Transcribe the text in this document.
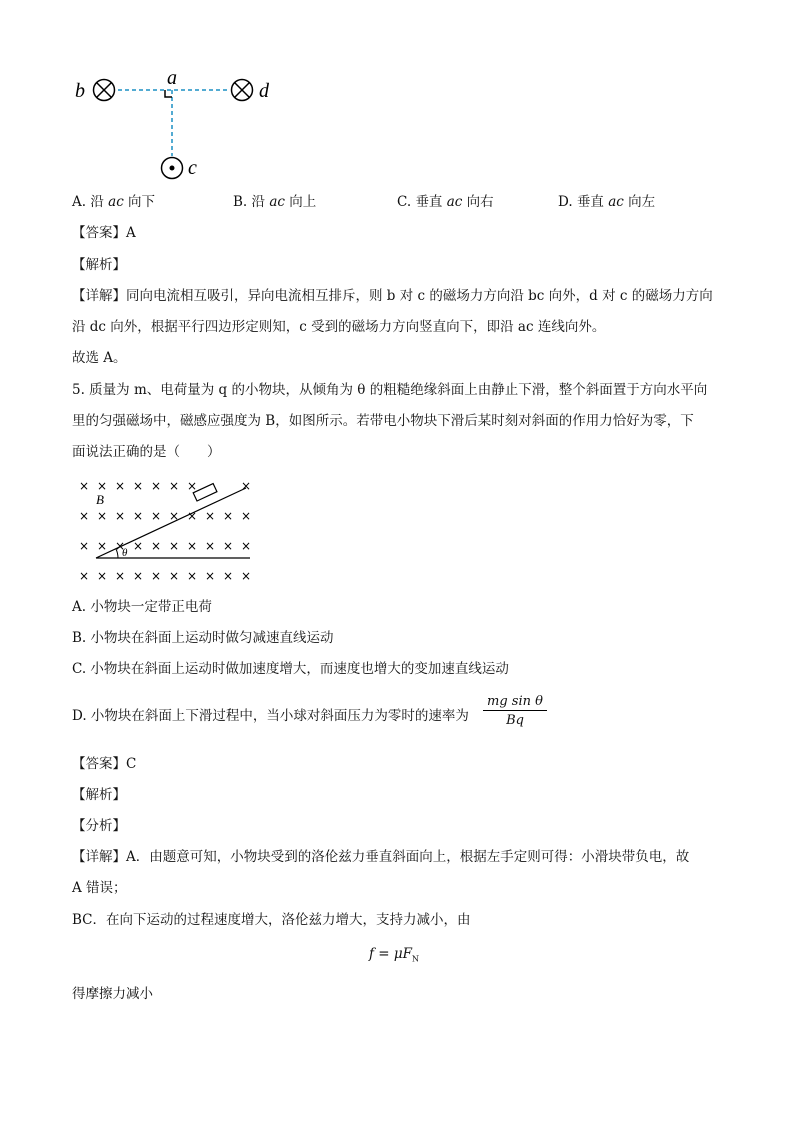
b
a
d
c
A. 沿 ac 向下	B. 沿 ac 向上	C. 垂直 ac 向右	D. 垂直 ac 向左
【答案】A
【解析】
【详解】同向电流相互吸引，异向电流相互排斥，则 b 对 c 的磁场力方向沿 bc 向外，d 对 c 的磁场力方向
沿 dc 向外，根据平行四边形定则知，c 受到的磁场力方向竖直向下，即沿 ac 连线向外。
故选 A。
5. 质量为 m、电荷量为 q 的小物块，从倾角为 θ 的粗糙绝缘斜面上由静止下滑，整个斜面置于方向水平向
里的匀强磁场中，磁感应强度为 B，如图所示。若带电小物块下滑后某时刻对斜面的作用力恰好为零，下
面说法正确的是（　　）
θ
B
× × × × × × ×	×
× × × × × × × × × ×
× × × × × × × × × ×
× × × × × × × × × ×
A. 小物块一定带正电荷
B. 小物块在斜面上运动时做匀减速直线运动
C. 小物块在斜面上运动时做加速度增大，而速度也增大的变加速直线运动
D. 小物块在斜面上下滑过程中，当小球对斜面压力为零时的速率为 $\frac{\text{mg sin θ}}{Bq}$
【答案】C
【解析】
【分析】
【详解】A．由题意可知，小物块受到的洛伦兹力垂直斜面向上，根据左手定则可得：小滑块带负电，故
A 错误；
BC．在向下运动的过程速度增大，洛伦兹力增大，支持力减小，由
$f = \mu F_N$
得摩擦力减小
